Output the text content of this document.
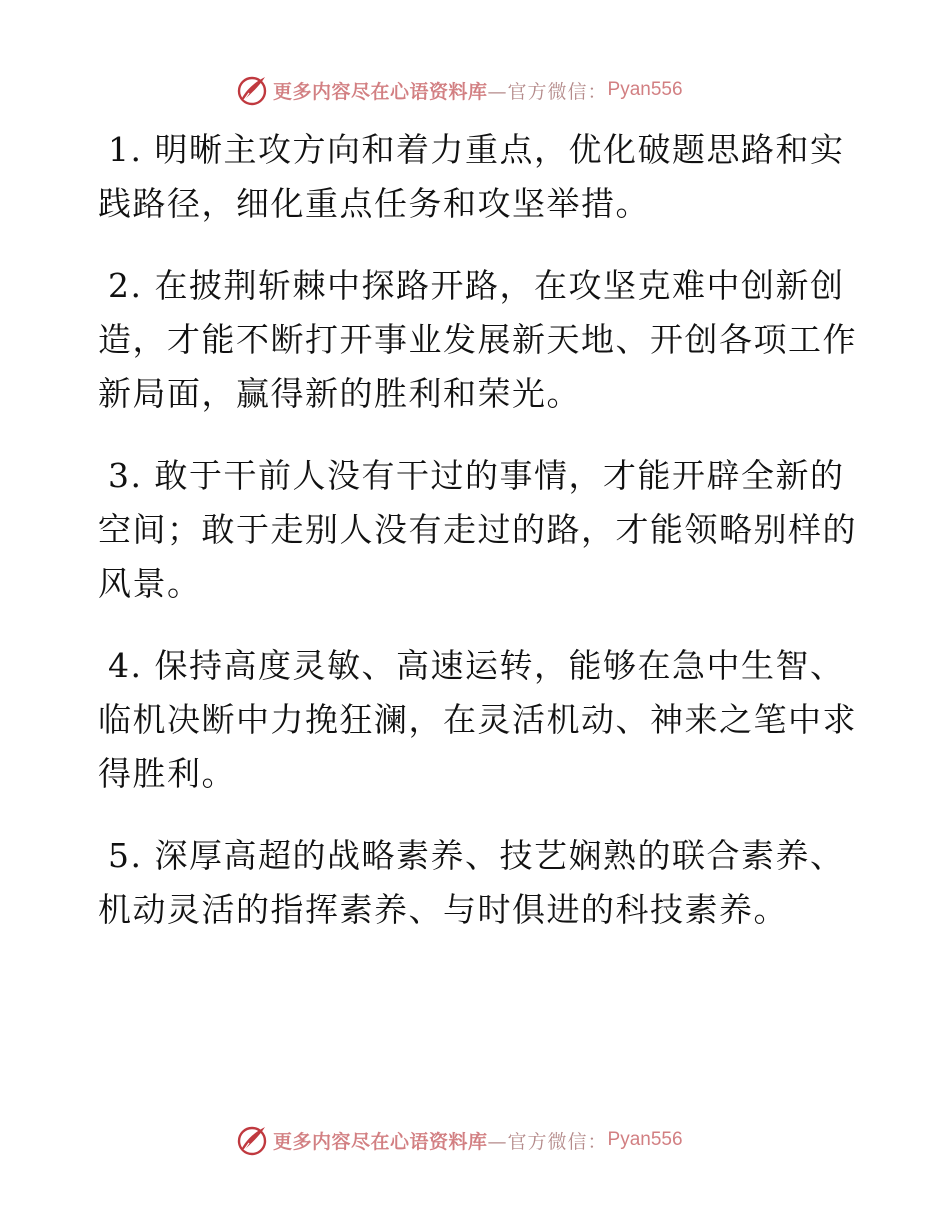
更多内容尽在心语资料库 —官方微信： Pyan556

1. 明晰主攻方向和着力重点，优化破题思路和实践路径，细化重点任务和攻坚举措。

2. 在披荆斩棘中探路开路，在攻坚克难中创新创造，才能不断打开事业发展新天地、开创各项工作新局面，赢得新的胜利和荣光。

3. 敢于干前人没有干过的事情，才能开辟全新的空间；敢于走别人没有走过的路，才能领略别样的风景。

4. 保持高度灵敏、高速运转，能够在急中生智、临机决断中力挽狂澜，在灵活机动、神来之笔中求得胜利。

5. 深厚高超的战略素养、技艺娴熟的联合素养、机动灵活的指挥素养、与时俱进的科技素养。

更多内容尽在心语资料库 —官方微信： Pyan556
